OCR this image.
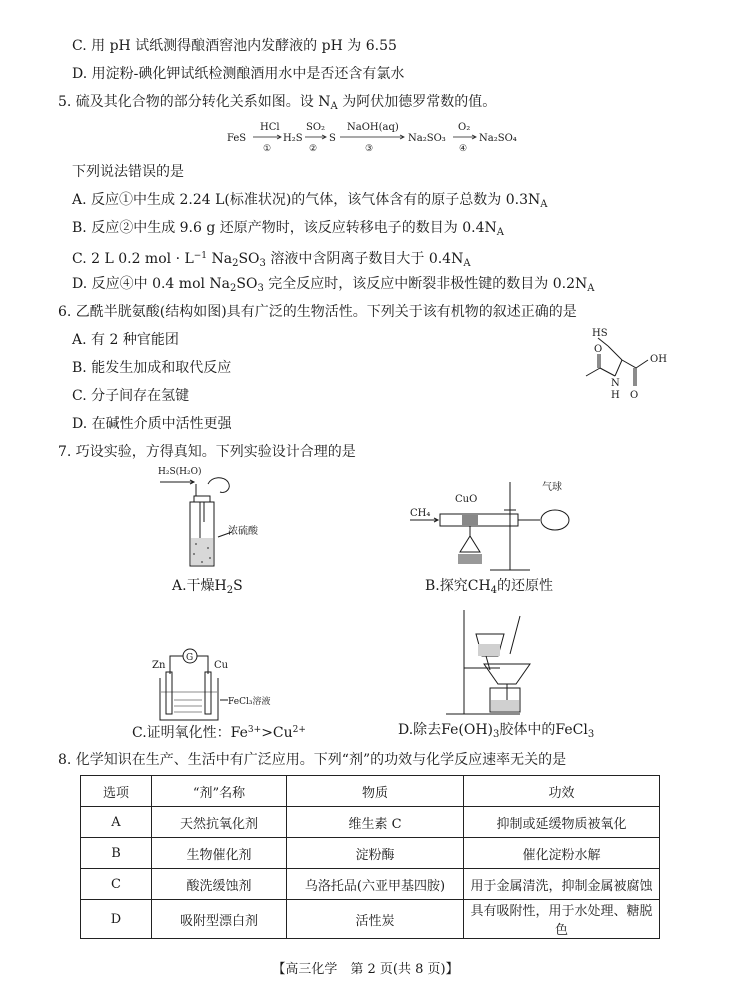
C. 用 pH 试纸测得酿酒窖池内发酵液的 pH 为 6.55
D. 用淀粉-碘化钾试纸检测酿酒用水中是否还含有氯水
5. 硫及其化合物的部分转化关系如图。设 $N_A$ 为阿伏加德罗常数的值。
FeS
HCl
①
H₂S
SO₂
②
S
NaOH(aq)
③
Na₂SO₃
O₂
④
Na₂SO₄
下列说法错误的是
A. 反应①中生成 2.24 L(标准状况)的气体，该气体含有的原子总数为 $0.3N_A$
B. 反应②中生成 9.6 g 还原产物时，该反应转移电子的数目为 $0.4N_A$
C. 2 L 0.2 mol · $L^{-1}$ $Na_2SO_3$ 溶液中含阴离子数目大于 $0.4N_A$
D. 反应④中 0.4 mol $Na_2SO_3$ 完全反应时，该反应中断裂非极性键的数目为 $0.2N_A$
6. 乙酰半胱氨酸(结构如图)具有广泛的生物活性。下列关于该有机物的叙述正确的是
A. 有 2 种官能团
B. 能发生加成和取代反应
C. 分子间存在氢键
D. 在碱性介质中活性更强
HS
O
OH
N
H O
7. 巧设实验，方得真知。下列实验设计合理的是
H₂S(H₂O)
浓硫酸
A.干燥$H_2S$
CH₄
CuO
气球
B.探究$CH_4$的还原性
Zn	Cu
FeCl₃溶液
G
C.证明氧化性：$Fe^{3+}>Cu^{2+}$	D.除去$Fe(OH)_3$胶体中的FeCl$_3$
8. 化学知识在生产、生活中有广泛应用。下列“剂”的功效与化学反应速率无关的是
选项	“剂”名称	物质	功效
A	天然抗氧化剂	维生素 C	抑制或延缓物质被氧化
B	生物催化剂	淀粉酶	催化淀粉水解
C	酸洗缓蚀剂	乌洛托品(六亚甲基四胺)	用于金属清洗，抑制金属被腐蚀
D	吸附型漂白剂	活性炭	具有吸附性，用于水处理、糖脱色
【高三化学　第 2 页(共 8 页)】
